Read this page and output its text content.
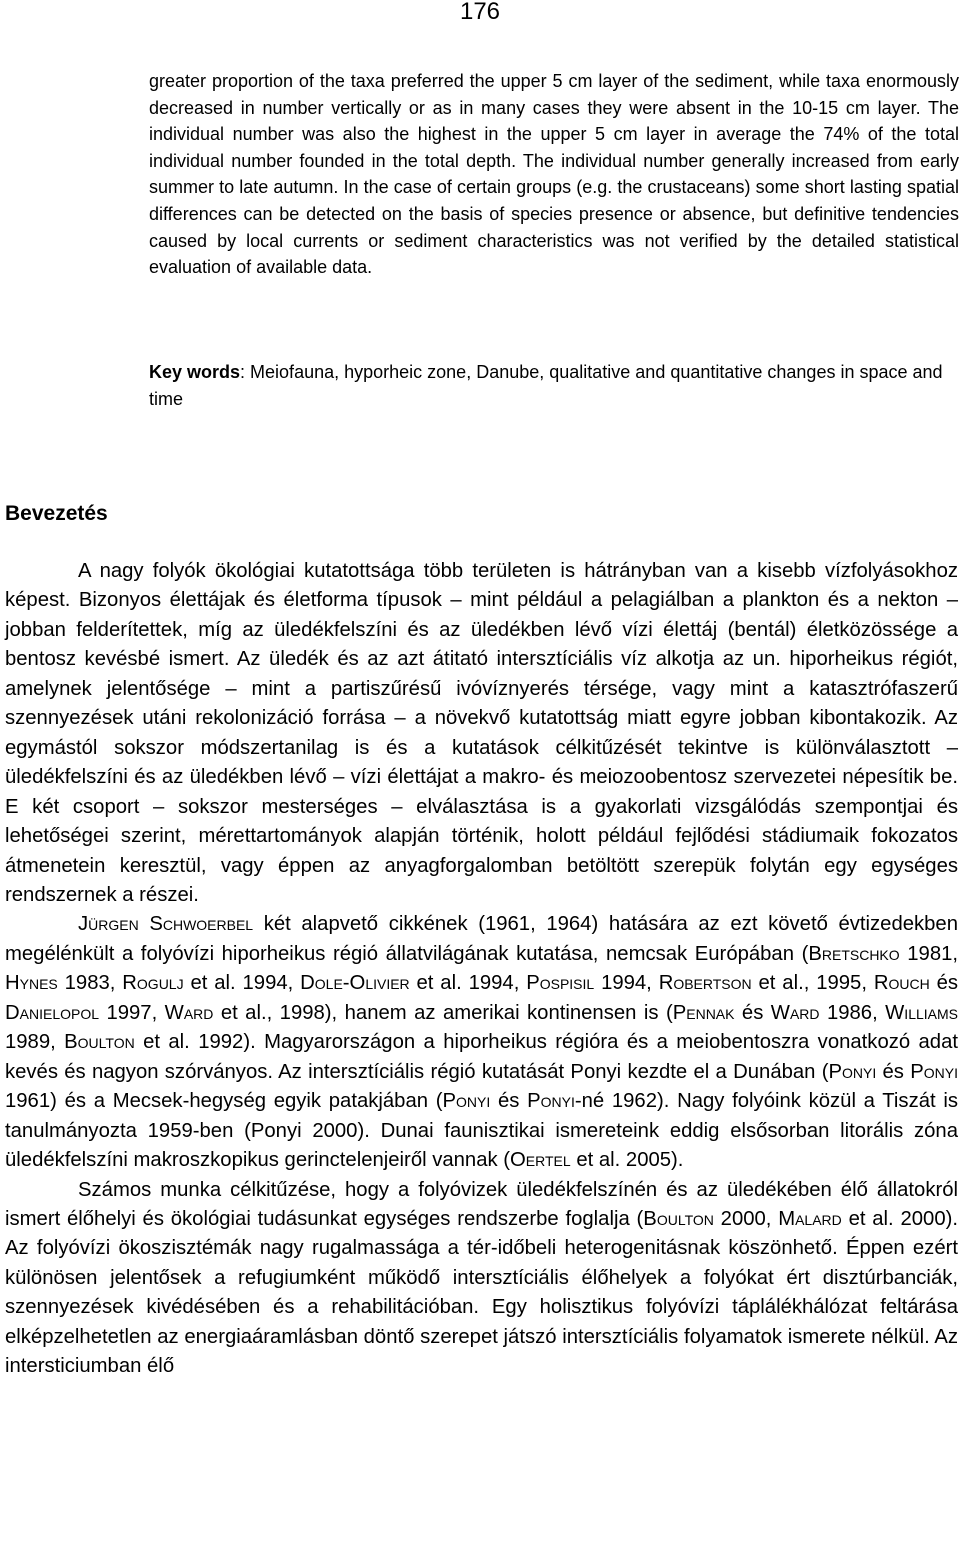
176

greater proportion of the taxa preferred the upper 5 cm layer of the sediment, while taxa enormously decreased in number vertically or as in many cases they were absent in the 10-15 cm layer. The individual number was also the highest in the upper 5 cm layer in average the 74% of the total individual number founded in the total depth. The individual number generally increased from early summer to late autumn. In the case of certain groups (e.g. the crustaceans) some short lasting spatial differences can be detected on the basis of species presence or absence, but definitive tendencies caused by local currents or sediment characteristics was not verified by the detailed statistical evaluation of available data.

Key words: Meiofauna, hyporheic zone, Danube, qualitative and quantitative changes in space and time

Bevezetés

A nagy folyók ökológiai kutatottsága több területen is hátrányban van a kisebb vízfolyásokhoz képest. Bizonyos élettájak és életforma típusok – mint például a pelagiálban a plankton és a nekton – jobban felderítettek, míg az üledékfelszíni és az üledékben lévő vízi élettáj (bentál) életközössége a bentosz kevésbé ismert. Az üledék és az azt átitató intersztíciális víz alkotja az un. hiporheikus régiót, amelynek jelentősége – mint a partiszűrésű ivóvíznyerés térsége, vagy mint a katasztrófaszerű szennyezések utáni rekolonizáció forrása – a növekvő kutatottság miatt egyre jobban kibontakozik. Az egymástól sokszor módszertanilag is és a kutatások célkitűzését tekintve is különválasztott – üledékfelszíni és az üledékben lévő – vízi élettájat a makro- és meiozoobentosz szervezetei népesítik be. E két csoport – sokszor mesterséges – elválasztása is a gyakorlati vizsgálódás szempontjai és lehetőségei szerint, mérettartományok alapján történik, holott például fejlődési stádiumaik fokozatos átmenetein keresztül, vagy éppen az anyagforgalomban betöltött szerepük folytán egy egységes rendszernek a részei.

Jürgen Schwoerbel két alapvető cikkének (1961, 1964) hatására az ezt követő évtizedekben megélénkült a folyóvízi hiporheikus régió állatvilágának kutatása, nemcsak Európában (Bretschko 1981, Hynes 1983, Rogulj et al. 1994, Dole-Olivier et al. 1994, Pospisil 1994, Robertson et al., 1995, Rouch és Danielopol 1997, Ward et al., 1998), hanem az amerikai kontinensen is (Pennak és Ward 1986, Williams 1989, Boulton et al. 1992). Magyarországon a hiporheikus régióra és a meiobentoszra vonatkozó adat kevés és nagyon szórványos. Az intersztíciális régió kutatását Ponyi kezdte el a Dunában (Ponyi és Ponyi 1961) és a Mecsek-hegység egyik patakjában (Ponyi és Ponyi-né 1962). Nagy folyóink közül a Tiszát is tanulmányozta 1959-ben (Ponyi 2000). Dunai faunisztikai ismereteink eddig elsősorban litorális zóna üledékfelszíni makroszkopikus gerinctelenjeiről vannak (Oertel et al. 2005).

Számos munka célkitűzése, hogy a folyóvizek üledékfelszínén és az üledékében élő állatokról ismert élőhelyi és ökológiai tudásunkat egységes rendszerbe foglalja (Boulton 2000, Malard et al. 2000). Az folyóvízi ökoszisztémák nagy rugalmassága a tér-időbeli heterogenitásnak köszönhető. Éppen ezért különösen jelentősek a refugiumként működő intersztíciális élőhelyek a folyókat ért disztúrbanciák, szennyezések kivédésében és a rehabilitációban. Egy holisztikus folyóvízi táplálékhálózat feltárása elképzelhetetlen az energiaáramlásban döntő szerepet játszó intersztíciális folyamatok ismerete nélkül. Az intersticiumban élő
